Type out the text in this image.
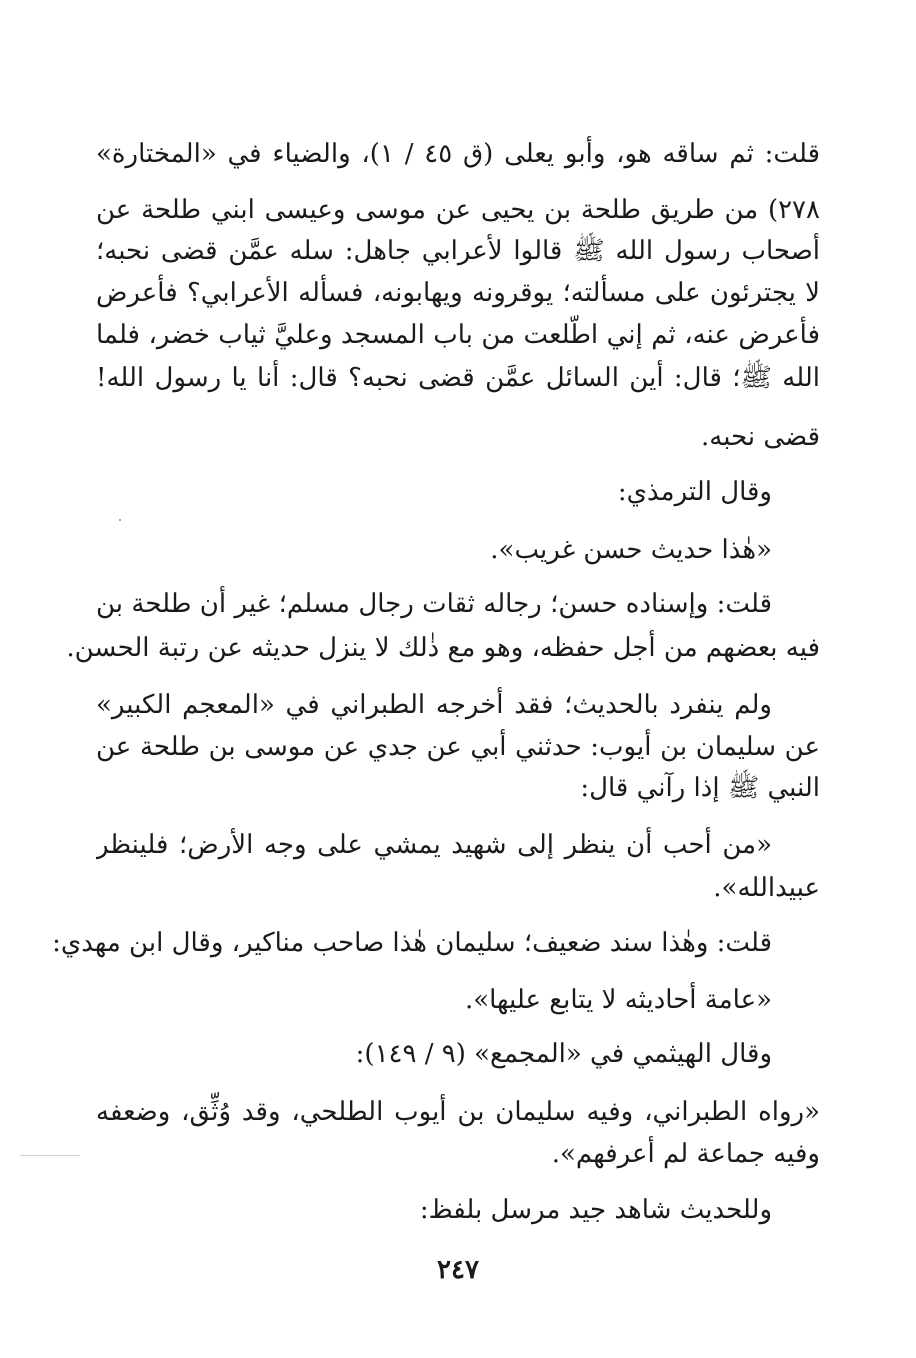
قلت: ثم ساقه هو، وأبو يعلى (ق ٤٥ / ١)، والضياء في «المختارة»
٢٧٨) من طريق طلحة بن يحيى عن موسى وعيسى ابني طلحة عن
أصحاب رسول الله ﷺ قالوا لأعرابي جاهل: سله عمَّن قضى نحبه؛
لا يجترئون على مسألته؛ يوقرونه ويهابونه، فسأله الأعرابي؟ فأعرض
فأعرض عنه، ثم إني اطَّلعت من باب المسجد وعليَّ ثياب خضر، فلما
الله ﷺ؛ قال: أين السائل عمَّن قضى نحبه؟ قال: أنا يا رسول الله!
قضى نحبه.
وقال الترمذي:
«هٰذا حديث حسن غريب».
قلت: وإسناده حسن؛ رجاله ثقات رجال مسلم؛ غير أن طلحة بن
فيه بعضهم من أجل حفظه، وهو مع ذٰلك لا ينزل حديثه عن رتبة الحسن.
ولم ينفرد بالحديث؛ فقد أخرجه الطبراني في «المعجم الكبير»
عن سليمان بن أيوب: حدثني أبي عن جدي عن موسى بن طلحة عن
النبي ﷺ إذا رآني قال:
«من أحب أن ينظر إلى شهيد يمشي على وجه الأرض؛ فلينظر
عبيدالله».
قلت: وهٰذا سند ضعيف؛ سليمان هٰذا صاحب مناكير، وقال ابن مهدي:
«عامة أحاديثه لا يتابع عليها».
وقال الهيثمي في «المجمع» (٩ / ١٤٩):
«رواه الطبراني، وفيه سليمان بن أيوب الطلحي، وقد وُثِّق، وضعفه
وفيه جماعة لم أعرفهم».
وللحديث شاهد جيد مرسل بلفظ:
٢٤٧
